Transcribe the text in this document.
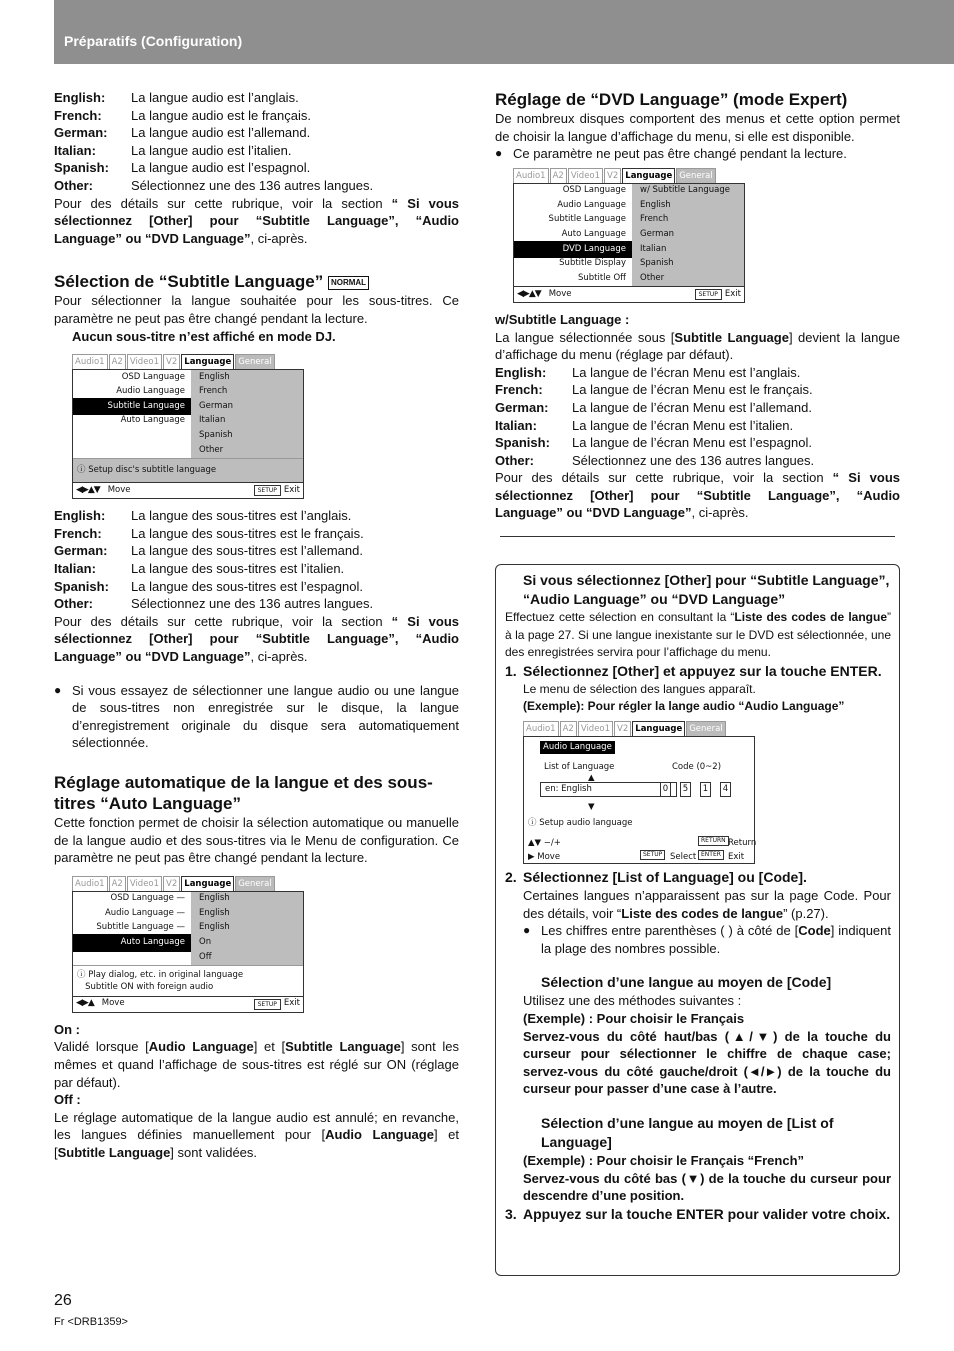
Préparatifs (Configuration)
English:	La langue audio est l’anglais.
French:	La langue audio est le français.
German:	La langue audio est l’allemand.
Italian:	La langue audio est l’italien.
Spanish:	La langue audio est l’espagnol.
Other:	Sélectionnez une des 136 autres langues.
Pour des détails sur cette rubrique, voir la section “ Si vous sélectionnez [Other] pour “Subtitle Language”, “Audio Language” ou “DVD Language”, ci-après.
Sélection de “Subtitle Language” NORMAL
Pour sélectionner la langue souhaitée pour les sous-titres. Ce paramètre ne peut pas être changé pendant la lecture.
Aucun sous-titre n’est affiché en mode DJ.
Audio1 A2 Video1 V2 Language General
OSD Language	English
Audio Language	French
Subtitle Language	German
Auto Language	Italian
Spanish
Other
ⓘ Setup disc's subtitle language
◀▶▲▼ Move	SETUP Exit
English:	La langue des sous-titres est l’anglais.
French:	La langue des sous-titres est le français.
German:	La langue des sous-titres est l’allemand.
Italian:	La langue des sous-titres est l’italien.
Spanish:	La langue des sous-titres est l’espagnol.
Other:	Sélectionnez une des 136 autres langues.
Pour des détails sur cette rubrique, voir la section “ Si vous sélectionnez [Other] pour “Subtitle Language”, “Audio Language” ou “DVD Language”, ci-après.
● Si vous essayez de sélectionner une langue audio ou une langue de sous-titres non enregistrée sur le disque, la langue d’enregistrement originale du disque sera automatiquement sélectionnée.
Réglage automatique de la langue et des sous-titres “Auto Language”
Cette fonction permet de choisir la sélection automatique ou manuelle de la langue audio et des sous-titres via le Menu de configuration. Ce paramètre ne peut pas être changé pendant la lecture.
Audio1 A2 Video1 V2 Language General
OSD Language —	English
Audio Language —	English
Subtitle Language —	English
Auto Language	On
Off
ⓘ Play dialog, etc. in original language
Subtitle ON with foreign audio
◀▶▲ Move	SETUP Exit
On :
Validé lorsque [Audio Language] et [Subtitle Language] sont les mêmes et quand l’affichage de sous-titres est réglé sur ON (réglage par défaut).
Off :
Le réglage automatique de la langue audio est annulé; en revanche, les langues définies manuellement pour [Audio Language] et [Subtitle Language] sont validées.
Réglage de “DVD Language” (mode Expert)
De nombreux disques comportent des menus et cette option permet de choisir la langue d’affichage du menu, si elle est disponible.
● Ce paramètre ne peut pas être changé pendant la lecture.
Audio1 A2 Video1 V2 Language General
OSD Language	w/ Subtitle Language
Audio Language	English
Subtitle Language	French
Auto Language	German
DVD Language	Italian
Subtitle Display	Spanish
Subtitle Off	Other
◀▶▲▼ Move	SETUP Exit
w/Subtitle Language :
La langue sélectionnée sous [Subtitle Language] devient la langue d’affichage du menu (réglage par défaut).
English:	La langue de l’écran Menu est l’anglais.
French:	La langue de l’écran Menu est le français.
German:	La langue de l’écran Menu est l’allemand.
Italian:	La langue de l’écran Menu est l’italien.
Spanish:	La langue de l’écran Menu est l’espagnol.
Other:	Sélectionnez une des 136 autres langues.
Pour des détails sur cette rubrique, voir la section “ Si vous sélectionnez [Other] pour “Subtitle Language”, “Audio Language” ou “DVD Language”, ci-après.
Si vous sélectionnez [Other] pour “Subtitle Language”, “Audio Language” ou “DVD Language”
Effectuez cette sélection en consultant la “Liste des codes de langue” à la page 27. Si une langue inexistante sur le DVD est sélectionnée, une des enregistrées servira pour l’affichage du menu.
1. Sélectionnez [Other] et appuyez sur la touche ENTER.
Le menu de sélection des langues apparaît.
(Exemple): Pour régler la lange audio “Audio Language”
Audio1 A2 Video1 V2 Language General
Audio Language
List of Language	Code (0~2)
▲
en: English	0	5	1	4
▼
ⓘ Setup audio language
▲▼ −/+
▶ Move	SETUP Select
RETURN Return
ENTER Exit
2. Sélectionnez [List of Language] ou [Code].
Certaines langues n’apparaissent pas sur la page Code. Pour des détails, voir “Liste des codes de langue” (p.27).
● Les chiffres entre parenthèses ( ) à côté de [Code] indiquent la plage des nombres possible.
Sélection d’une langue au moyen de [Code]
Utilisez une des méthodes suivantes :
(Exemple) : Pour choisir le Français
Servez-vous du côté haut/bas (▲/▼) de la touche du curseur pour sélectionner le chiffre de chaque case; servez-vous du côté gauche/droit (◄/►) de la touche du curseur pour passer d’une case à l’autre.
Sélection d’une langue au moyen de [List of Language]
(Exemple) : Pour choisir le Français “French”
Servez-vous du côté bas (▼) de la touche du curseur pour descendre d’une position.
3. Appuyez sur la touche ENTER pour valider votre choix.
26
Fr <DRB1359>
